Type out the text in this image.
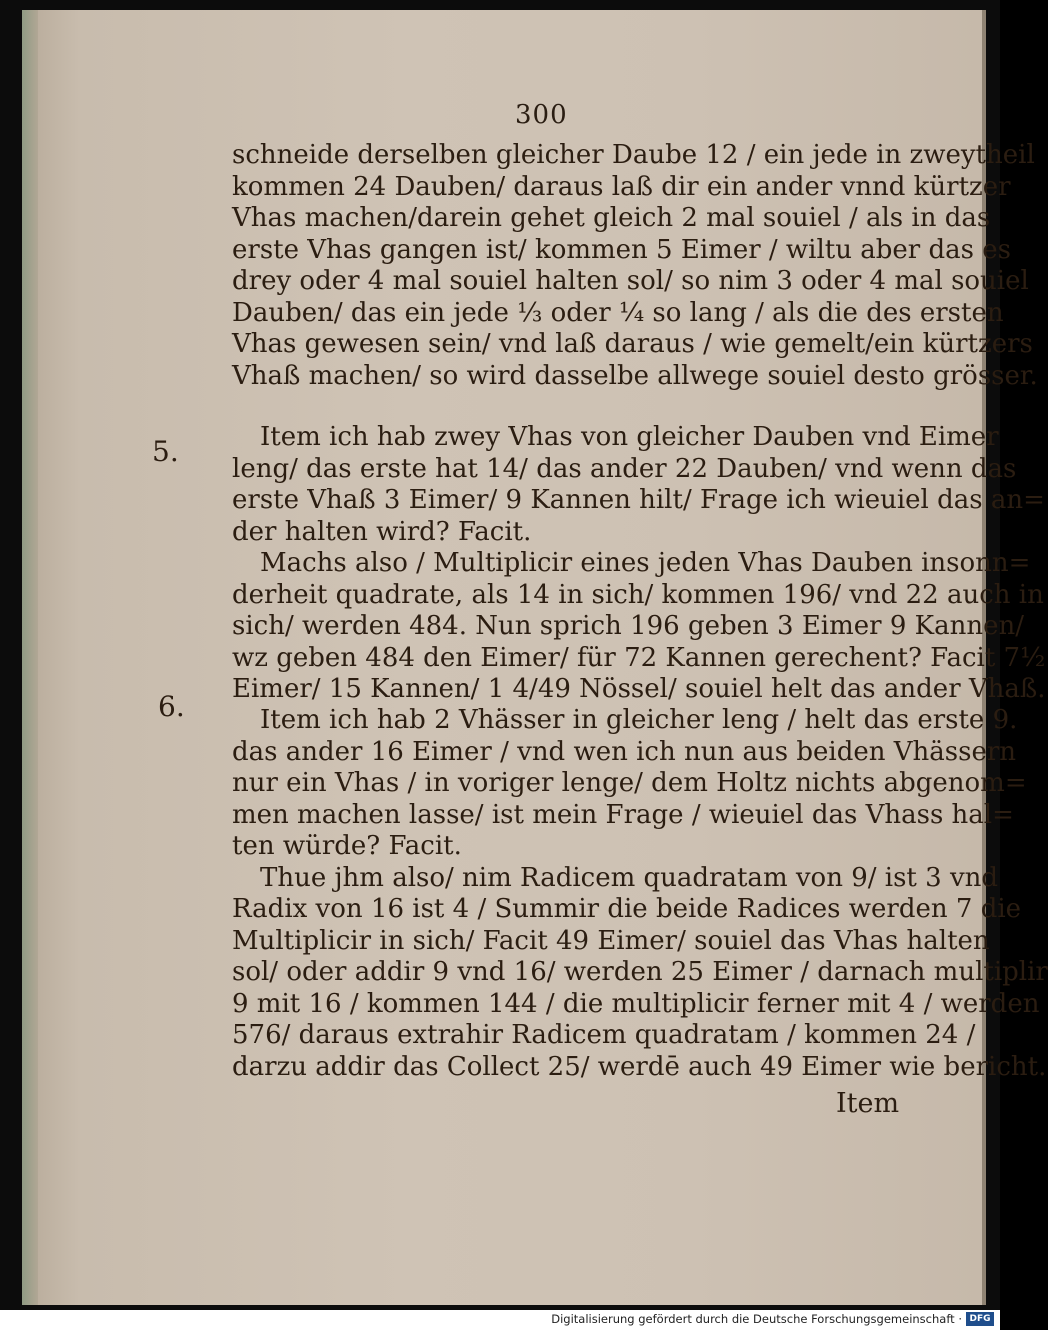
300
schneide derselben gleicher Daube 12 / ein jede in zweytheil
kommen 24 Dauben/ daraus laß dir ein ander vnnd kürtzer
Vhas machen/darein gehet gleich 2 mal souiel / als in das
erste Vhas gangen ist/ kommen 5 Eimer / wiltu aber das es
drey oder 4 mal souiel halten sol/ so nim 3 oder 4 mal souiel
Dauben/ das ein jede ⅓ oder ¼ so lang / als die des ersten
Vhas gewesen sein/ vnd laß daraus / wie gemelt/ein kürtzers
Vhaß machen/ so wird dasselbe allwege souiel desto grösser.
5.	Item ich hab zwey Vhas von gleicher Dauben vnd Eimer
leng/ das erste hat 14/ das ander 22 Dauben/ vnd wenn das
erste Vhaß 3 Eimer/ 9 Kannen hilt/ Frage ich wieuiel das an=
der halten wird? Facit.
Machs also / Multiplicir eines jeden Vhas Dauben insonn=
derheit quadrate, als 14 in sich/ kommen 196/ vnd 22 auch in
sich/ werden 484. Nun sprich 196 geben 3 Eimer 9 Kannen/
wz geben 484 den Eimer/ für 72 Kannen gerechent? Facit 7½
Eimer/ 15 Kannen/ 1 4/49 Nössel/ souiel helt das ander Vhaß.
6.	Item ich hab 2 Vhässer in gleicher leng / helt das erste 9.
das ander 16 Eimer / vnd wen ich nun aus beiden Vhässern
nur ein Vhas / in voriger lenge/ dem Holtz nichts abgenom=
men machen lasse/ ist mein Frage / wieuiel das Vhass hal=
ten würde? Facit.
Thue jhm also/ nim Radicem quadratam von 9/ ist 3 vnd
Radix von 16 ist 4 / Summir die beide Radices werden 7 die
Multiplicir in sich/ Facit 49 Eimer/ souiel das Vhas halten
sol/ oder addir 9 vnd 16/ werden 25 Eimer / darnach multiplir
9 mit 16 / kommen 144 / die multiplicir ferner mit 4 / werden
576/ daraus extrahir Radicem quadratam / kommen 24 /
darzu addir das Collect 25/ werdē auch 49 Eimer wie bericht.
Item
Digitalisierung gefördert durch die Deutsche Forschungsgemeinschaft · DFG
